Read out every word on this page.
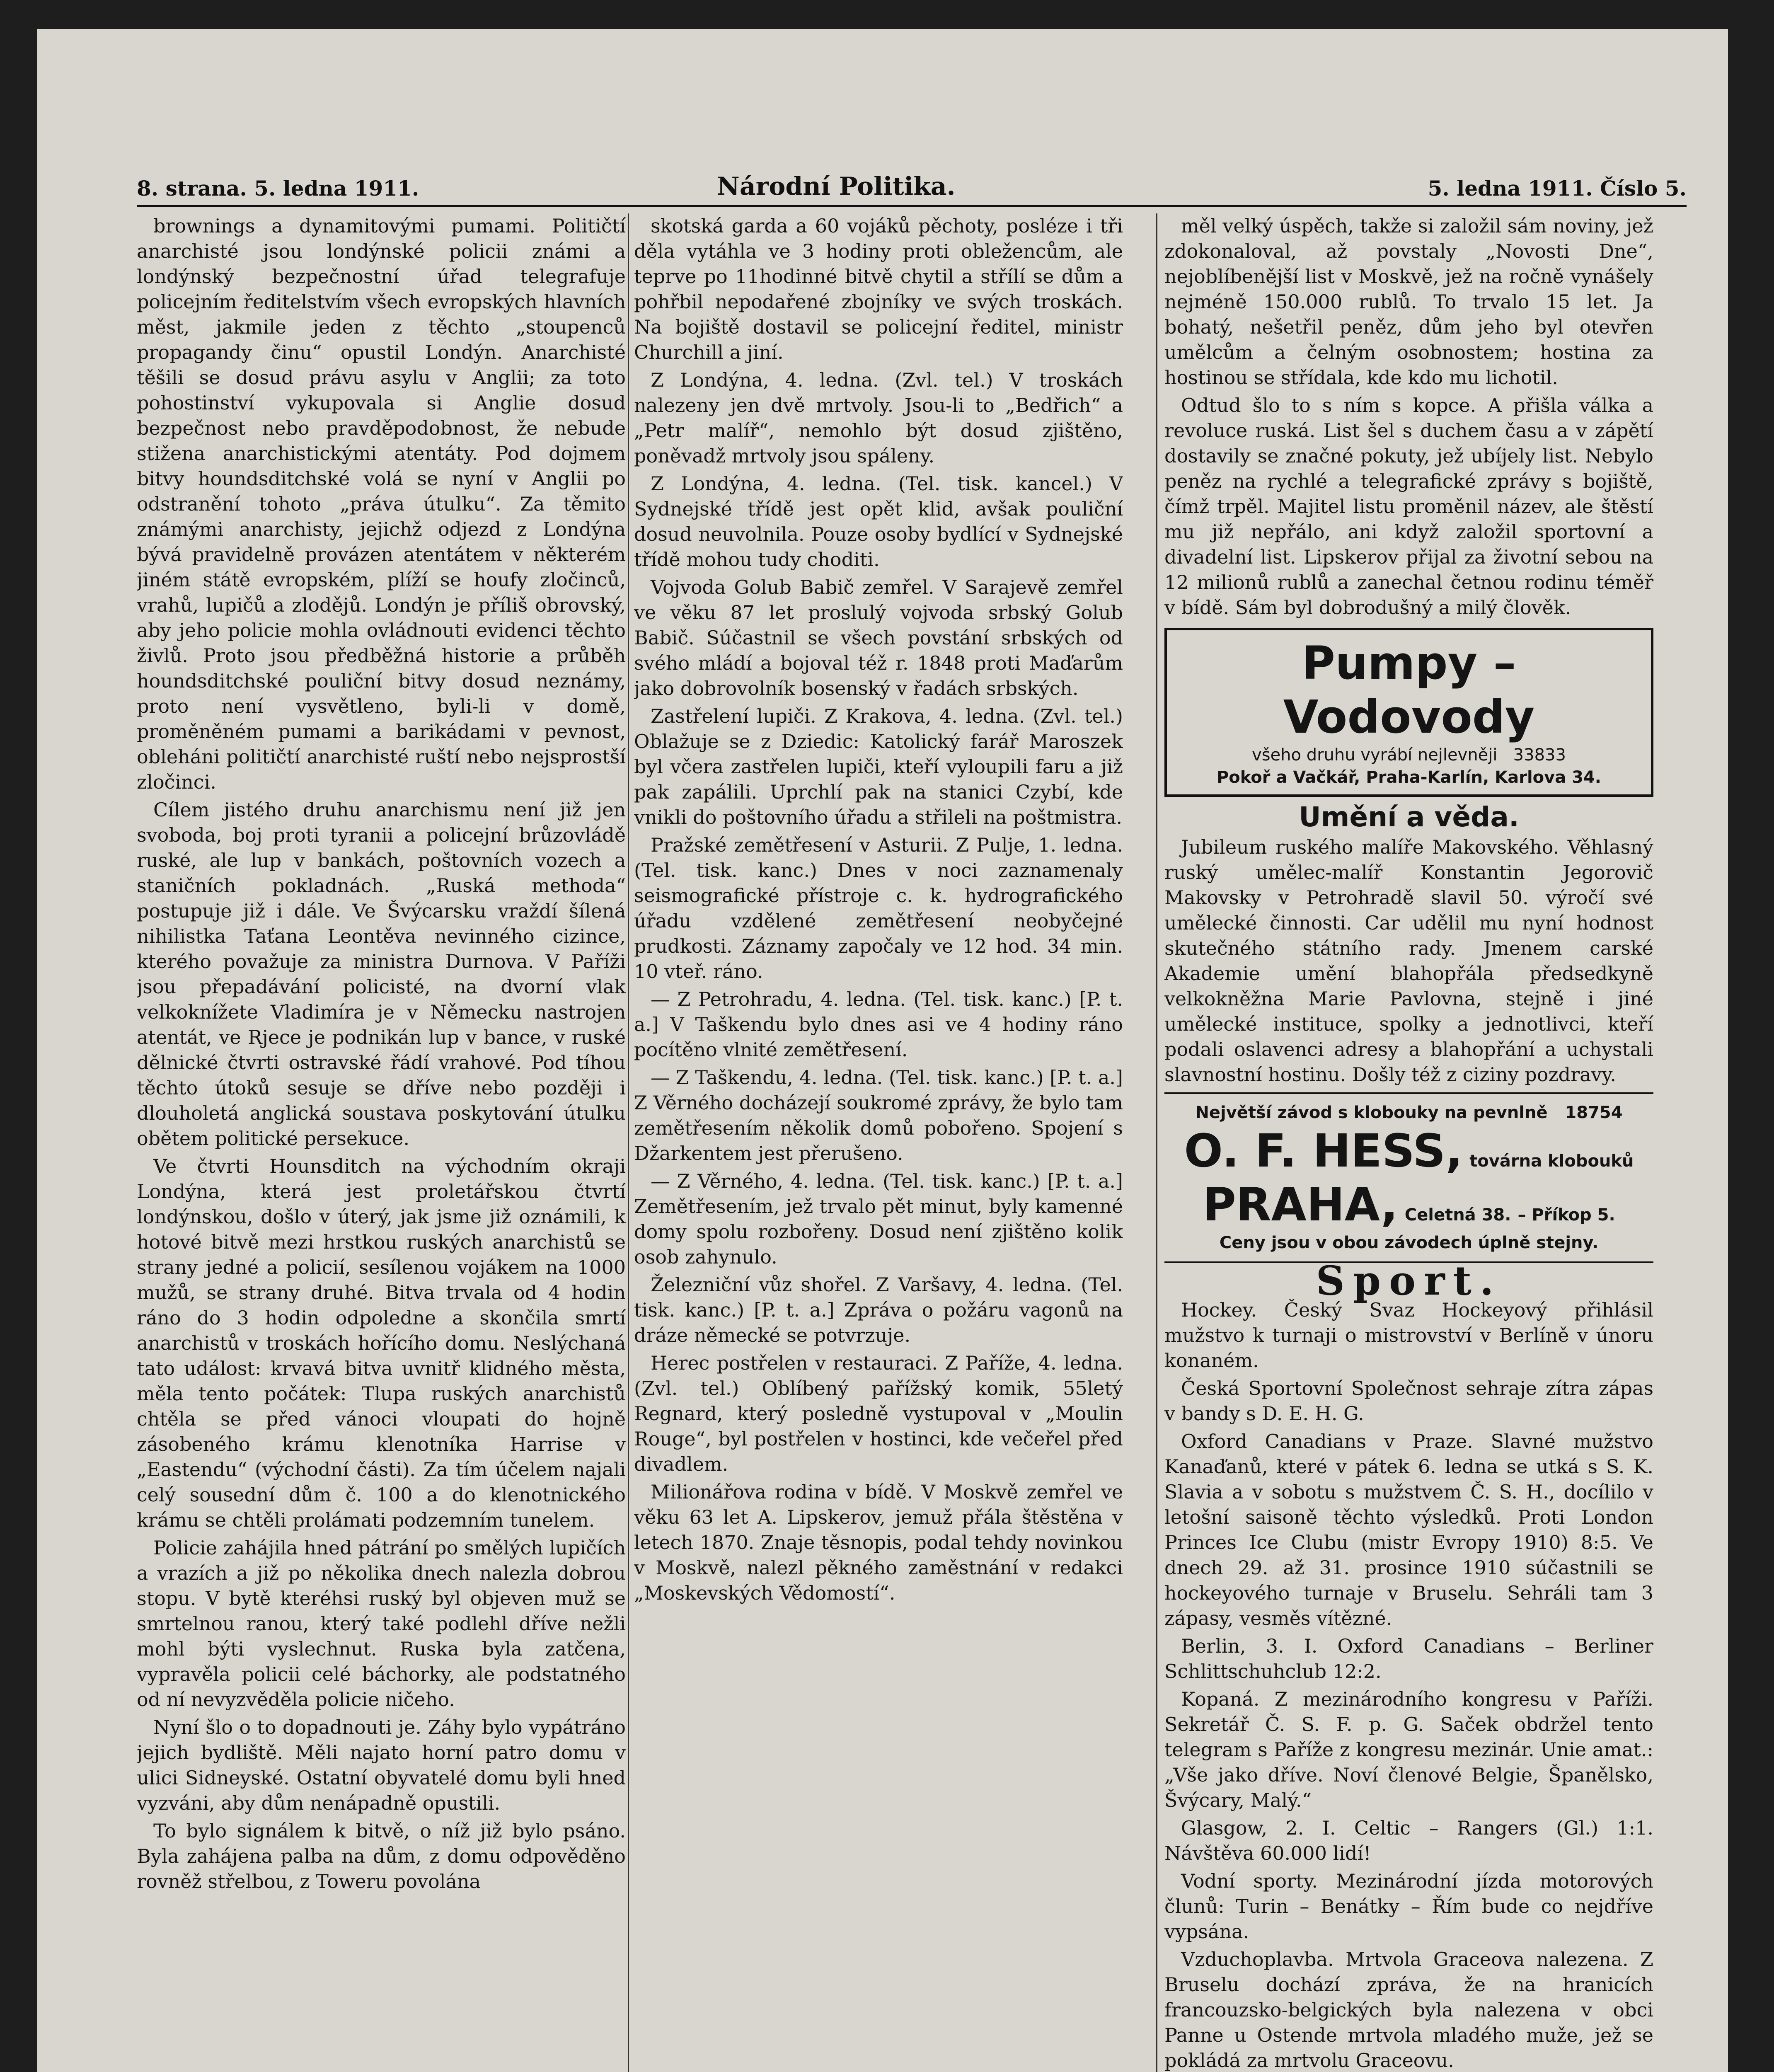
8. strana. 5. ledna 1911.	Národní Politika.	5. ledna 1911. Číslo 5.

brownings a dynamitovými pumami. Političtí anarchisté jsou londýnské policii známi a londýnský bezpečnostní úřad telegrafuje policejním ředitelstvím všech evropských hlavních měst, jakmile jeden z těchto „stoupenců propagandy činu“ opustil Londýn. Anarchisté těšili se dosud právu asylu v Anglii; za toto pohostinství vykupovala si Anglie dosud bezpečnost nebo pravděpodobnost, že nebude stižena anarchistickými atentáty. Pod dojmem bitvy houndsditchské volá se nyní v Anglii po odstranění tohoto „práva útulku“. Za těmito známými anarchisty, jejichž odjezd z Londýna bývá pravidelně provázen atentátem v některém jiném státě evropském, plíží se houfy zločinců, vrahů, lupičů a zlodějů. Londýn je příliš obrovský, aby jeho policie mohla ovládnouti evidenci těchto živlů. Proto jsou předběžná historie a průběh houndsditchské pouliční bitvy dosud neznámy, proto není vysvětleno, byli-li v domě, proměněném pumami a barikádami v pevnost, obleháni političtí anarchisté ruští nebo nejsprostší zločinci.

Cílem jistého druhu anarchismu není již jen svoboda, boj proti tyranii a policejní brůzovládě ruské, ale lup v bankách, poštovních vozech a staničních pokladnách. „Ruská methoda“ postupuje již i dále. Ve Švýcarsku vraždí šílená nihilistka Taťana Leontěva nevinného cizince, kterého považuje za ministra Durnova. V Paříži jsou přepadávání policisté, na dvorní vlak velkoknížete Vladimíra je v Německu nastrojen atentát, ve Rjece je podnikán lup v bance, v ruské dělnické čtvrti ostravské řádí vrahové. Pod tíhou těchto útoků sesuje se dříve nebo později i dlouholetá anglická soustava poskytování útulku obětem politické persekuce.

Ve čtvrti Hounsditch na východním okraji Londýna, která jest proletářskou čtvrtí londýnskou, došlo v úterý, jak jsme již oznámili, k hotové bitvě mezi hrstkou ruských anarchistů se strany jedné a policií, sesílenou vojákem na 1000 mužů, se strany druhé. Bitva trvala od 4 hodin ráno do 3 hodin odpoledne a skončila smrtí anarchistů v troskách hořícího domu. Neslýchaná tato událost: krvavá bitva uvnitř klidného města, měla tento počátek: Tlupa ruských anarchistů chtěla se před vánoci vloupati do hojně zásobeného krámu klenotníka Harrise v „Eastendu“ (východní části). Za tím účelem najali celý sousední dům č. 100 a do klenotnického krámu se chtěli prolámati podzemním tunelem.

Policie zahájila hned pátrání po smělých lupičích a vrazích a již po několika dnech nalezla dobrou stopu. V bytě kteréhsi ruský byl objeven muž se smrtelnou ranou, který také podlehl dříve nežli mohl býti vyslechnut. Ruska byla zatčena, vypravěla policii celé báchorky, ale podstatného od ní nevyzvěděla policie ničeho.

Nyní šlo o to dopadnouti je. Záhy bylo vypátráno jejich bydliště. Měli najato horní patro domu v ulici Sidneyské. Ostatní obyvatelé domu byli hned vyzváni, aby dům nenápadně opustili.

To bylo signálem k bitvě, o níž již bylo psáno. Byla zahájena palba na dům, z domu odpověděno rovněž střelbou, z Toweru povolána

skotská garda a 60 vojáků pěchoty, posléze i tři děla vytáhla ve 3 hodiny proti obležencům, ale teprve po 11hodinné bitvě chytil a střílí se dům a pohřbil nepodařené zbojníky ve svých troskách. Na bojiště dostavil se policejní ředitel, ministr Churchill a jiní.

Z Londýna, 4. ledna. (Zvl. tel.) V troskách nalezeny jen dvě mrtvoly. Jsou-li to „Bedřich“ a „Petr malíř“, nemohlo být dosud zjištěno, poněvadž mrtvoly jsou spáleny.

Z Londýna, 4. ledna. (Tel. tisk. kancel.) V Sydnejské třídě jest opět klid, avšak pouliční dosud neuvolnila. Pouze osoby bydlící v Sydnejské třídě mohou tudy choditi.

Vojvoda Golub Babič zemřel. V Sarajevě zemřel ve věku 87 let proslulý vojvoda srbský Golub Babič. Súčastnil se všech povstání srbských od svého mládí a bojoval též r. 1848 proti Maďarům jako dobrovolník bosenský v řadách srbských.

Zastřelení lupiči. Z Krakova, 4. ledna. (Zvl. tel.) Oblažuje se z Dziedic: Katolický farář Maroszek byl včera zastřelen lupiči, kteří vyloupili faru a již pak zapálili. Uprchlí pak na stanici Czybí, kde vnikli do poštovního úřadu a střileli na poštmistra.

Pražské zemětřesení v Asturii. Z Pulje, 1. ledna. (Tel. tisk. kanc.) Dnes v noci zaznamenaly seismografické přístroje c. k. hydrografického úřadu vzdělené zemětřesení neobyčejné prudkosti. Záznamy započaly ve 12 hod. 34 min. 10 vteř. ráno.

— Z Petrohradu, 4. ledna. (Tel. tisk. kanc.) [P. t. a.] V Taškendu bylo dnes asi ve 4 hodiny ráno pocítěno vlnité zemětřesení.

— Z Taškendu, 4. ledna. (Tel. tisk. kanc.) [P. t. a.] Z Věrného docházejí soukromé zprávy, že bylo tam zemětřesením několik domů pobořeno. Spojení s Džarkentem jest přerušeno.

— Z Věrného, 4. ledna. (Tel. tisk. kanc.) [P. t. a.] Zemětřesením, jež trvalo pět minut, byly kamenné domy spolu rozbořeny. Dosud není zjištěno kolik osob zahynulo.

Železniční vůz shořel. Z Varšavy, 4. ledna. (Tel. tisk. kanc.) [P. t. a.] Zpráva o požáru vagonů na dráze německé se potvrzuje.

Herec postřelen v restauraci. Z Paříže, 4. ledna. (Zvl. tel.) Oblíbený pařížský komik, 55letý Regnard, který posledně vystupoval v „Moulin Rouge“, byl postřelen v hostinci, kde večeřel před divadlem.

Milionářova rodina v bídě. V Moskvě zemřel ve věku 63 let A. Lipskerov, jemuž přála štěstěna v letech 1870. Znaje těsnopis, podal tehdy novinkou v Moskvě, nalezl pěkného zaměstnání v redakci „Moskevských Vědomostí“.

měl velký úspěch, takže si založil sám noviny, jež zdokonaloval, až povstaly „Novosti Dne“, nejoblíbenější list v Moskvě, jež na ročně vynášely nejméně 150.000 rublů. To trvalo 15 let. Ja bohatý, nešetřil peněz, dům jeho byl otevřen umělcům a čelným osobnostem; hostina za hostinou se střídala, kde kdo mu lichotil.

Odtud šlo to s ním s kopce. A přišla válka a revoluce ruská. List šel s duchem času a v zápětí dostavily se značné pokuty, jež ubíjely list. Nebylo peněz na rychlé a telegrafické zprávy s bojiště, čímž trpěl. Majitel listu proměnil název, ale štěstí mu již nepřálo, ani když založil sportovní a divadelní list. Lipskerov přijal za životní sebou na 12 milionů rublů a zanechal četnou rodinu téměř v bídě. Sám byl dobrodušný a milý člověk.

Pumpy – Vodovody
všeho druhu vyrábí nejlevněji 33833
Pokoř a Vačkář, Praha-Karlín, Karlova 34.
Umění a věda.

Jubileum ruského malíře Makovského. Věhlasný ruský umělec-malíř Konstantin Jegorovič Makovsky v Petrohradě slavil 50. výročí své umělecké činnosti. Car udělil mu nyní hodnost skutečného státního rady. Jmenem carské Akademie umění blahopřála předsedkyně velkokněžna Marie Pavlovna, stejně i jiné umělecké instituce, spolky a jednotlivci, kteří podali oslavenci adresy a blahopřání a uchystali slavnostní hostinu. Došly též z ciziny pozdravy.

Největší závod s klobouky na pevnlně 18754
O. F. HESS, továrna klobouků PRAHA, Celetná 38. – Příkop 5.
Ceny jsou v obou závodech úplně stejny.
Sport.

Hockey. Český Svaz Hockeyový přihlásil mužstvo k turnaji o mistrovství v Berlíně v únoru konaném.

Česká Sportovní Společnost sehraje zítra zápas v bandy s D. E. H. G.

Oxford Canadians v Praze. Slavné mužstvo Kanaďanů, které v pátek 6. ledna se utká s S. K. Slavia a v sobotu s mužstvem Č. S. H., docílilo v letošní saisoně těchto výsledků. Proti London Princes Ice Clubu (mistr Evropy 1910) 8:5. Ve dnech 29. až 31. prosince 1910 súčastnili se hockeyového turnaje v Bruselu. Sehráli tam 3 zápasy, vesměs vítězné.

Berlin, 3. I. Oxford Canadians – Berliner Schlittschuhclub 12:2.

Kopaná. Z mezinárodního kongresu v Paříži. Sekretář Č. S. F. p. G. Saček obdržel tento telegram s Paříže z kongresu mezinár. Unie amat.: „Vše jako dříve. Noví členové Belgie, Španělsko, Švýcary, Malý.“

Glasgow, 2. I. Celtic – Rangers (Gl.) 1:1. Návštěva 60.000 lidí!

Vodní sporty. Mezinárodní jízda motorových člunů: Turin – Benátky – Řím bude co nejdříve vypsána.

Vzduchoplavba. Mrtvola Graceova nalezena. Z Bruselu dochází zpráva, že na hranicích francouzsko-belgických byla nalezena v obci Panne u Ostende mrtvola mladého muže, jež se pokládá za mrtvolu Graceovu.
